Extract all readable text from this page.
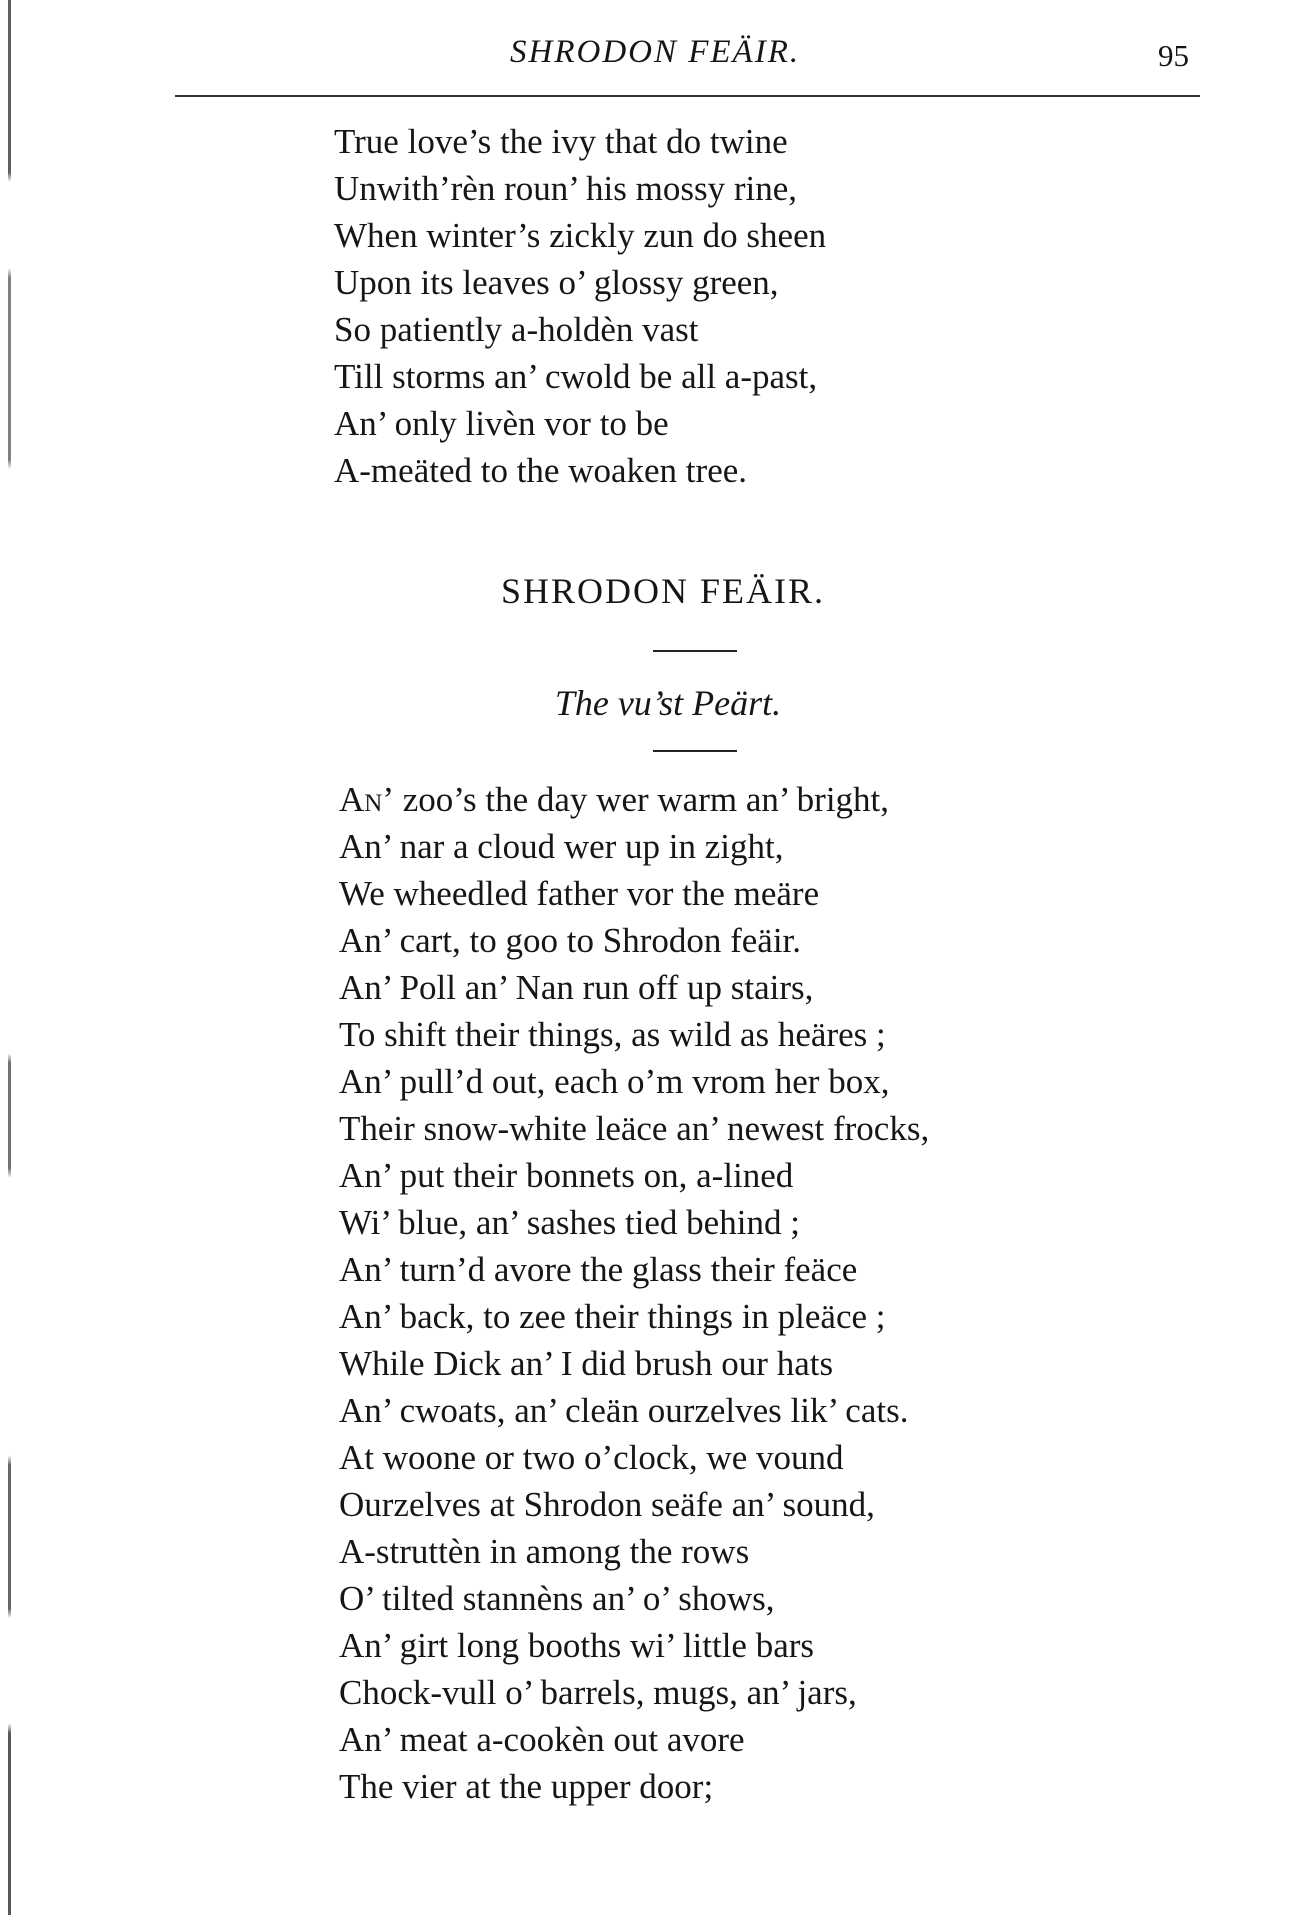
SHRODON FEÄIR.	95
True love’s the ivy that do twine
Unwith’rèn roun’ his mossy rine,
When winter’s zickly zun do sheen
Upon its leaves o’ glossy green,
So patiently a-holdèn vast
Till storms an’ cwold be all a-past,
An’ only livèn vor to be
A-meäted to the woaken tree.
SHRODON FEÄIR.
The vu’st Peärt.
An’ zoo’s the day wer warm an’ bright,
An’ nar a cloud wer up in zight,
We wheedled father vor the meäre
An’ cart, to goo to Shrodon feäir.
An’ Poll an’ Nan run off up stairs,
To shift their things, as wild as heäres ;
An’ pull’d out, each o’m vrom her box,
Their snow-white leäce an’ newest frocks,
An’ put their bonnets on, a-lined
Wi’ blue, an’ sashes tied behind ;
An’ turn’d avore the glass their feäce
An’ back, to zee their things in pleäce ;
While Dick an’ I did brush our hats
An’ cwoats, an’ cleän ourzelves lik’ cats.
At woone or two o’clock, we vound
Ourzelves at Shrodon seäfe an’ sound,
A-struttèn in among the rows
O’ tilted stannèns an’ o’ shows,
An’ girt long booths wi’ little bars
Chock-vull o’ barrels, mugs, an’ jars,
An’ meat a-cookèn out avore
The vier at the upper door;
